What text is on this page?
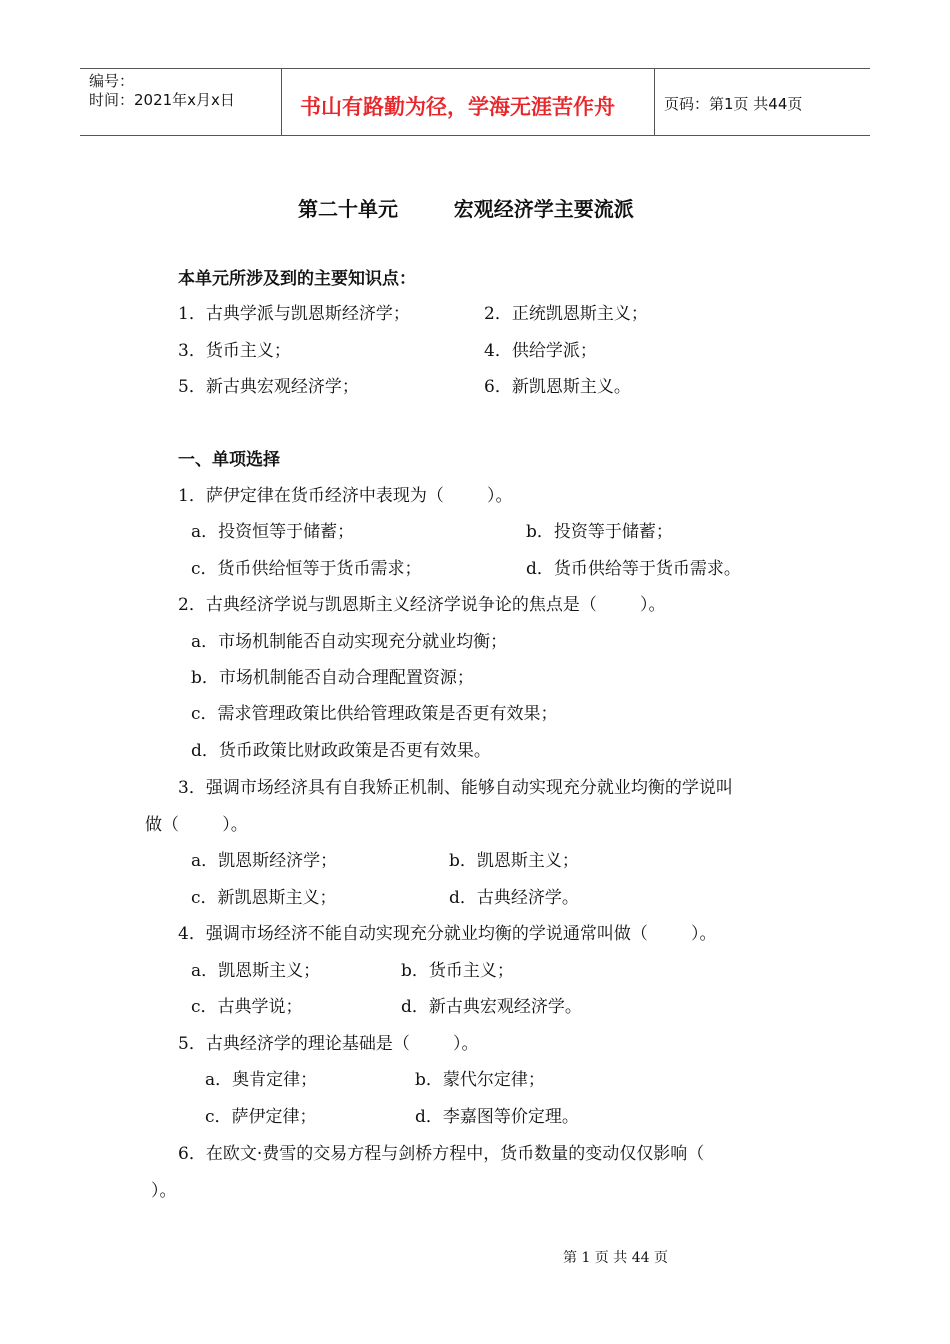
编号：
时间：2021年x月x日	书山有路勤为径，学海无涯苦作舟	页码：第1页 共44页
第二十单元        宏观经济学主要流派
本单元所涉及到的主要知识点：
1．古典学派与凯恩斯经济学；	2．正统凯恩斯主义；
3．货币主义；	4．供给学派；
5．新古典宏观经济学；	6．新凯恩斯主义。
一、单项选择
1．萨伊定律在货币经济中表现为（        ）。
a．投资恒等于储蓄；	b．投资等于储蓄；
c．货币供给恒等于货币需求；	d．货币供给等于货币需求。
2．古典经济学说与凯恩斯主义经济学说争论的焦点是（        ）。
a．市场机制能否自动实现充分就业均衡；
b．市场机制能否自动合理配置资源；
c．需求管理政策比供给管理政策是否更有效果；
d．货币政策比财政政策是否更有效果。
3．强调市场经济具有自我矫正机制、能够自动实现充分就业均衡的学说叫
做（        ）。
a．凯恩斯经济学；	b．凯恩斯主义；
c．新凯恩斯主义；	d．古典经济学。
4．强调市场经济不能自动实现充分就业均衡的学说通常叫做（        ）。
a．凯恩斯主义；	b．货币主义；
c．古典学说；	d．新古典宏观经济学。
5．古典经济学的理论基础是（        ）。
a．奥肯定律；	b．蒙代尔定律；
c．萨伊定律；	d．李嘉图等价定理。
6．在欧文·费雪的交易方程与剑桥方程中，货币数量的变动仅仅影响（
）。
第 1 页 共 44 页
